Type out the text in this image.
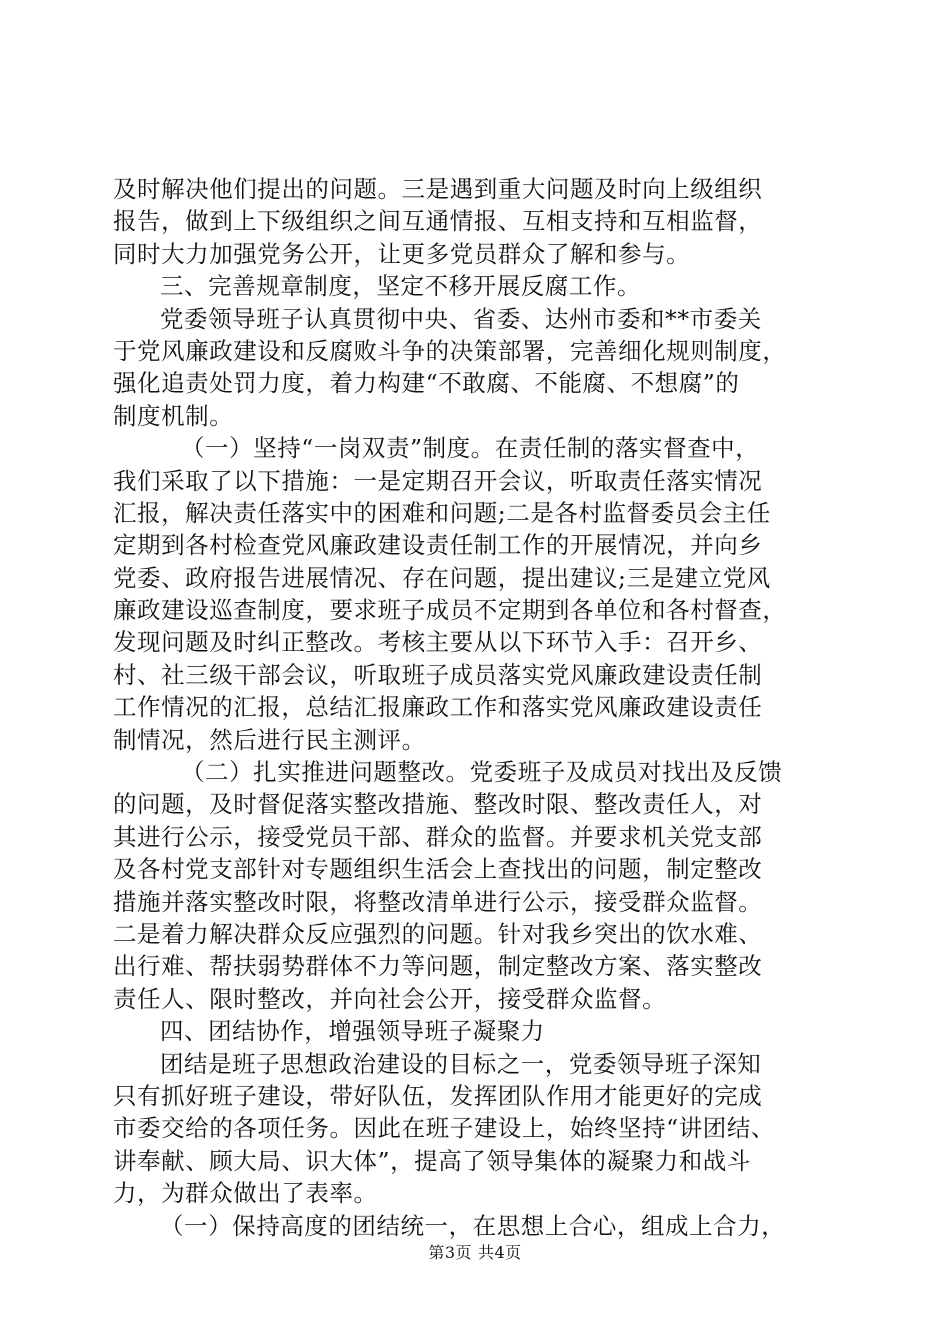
及时解决他们提出的问题。三是遇到重大问题及时向上级组织
报告，做到上下级组织之间互通情报、互相支持和互相监督，
同时大力加强党务公开，让更多党员群众了解和参与。
三、完善规章制度，坚定不移开展反腐工作。
党委领导班子认真贯彻中央、省委、达州市委和**市委关
于党风廉政建设和反腐败斗争的决策部署，完善细化规则制度，
强化追责处罚力度，着力构建“不敢腐、不能腐、不想腐”的
制度机制。
（一）坚持“一岗双责”制度。在责任制的落实督查中，
我们采取了以下措施：一是定期召开会议，听取责任落实情况
汇报，解决责任落实中的困难和问题;二是各村监督委员会主任
定期到各村检查党风廉政建设责任制工作的开展情况，并向乡
党委、政府报告进展情况、存在问题，提出建议;三是建立党风
廉政建设巡查制度，要求班子成员不定期到各单位和各村督查，
发现问题及时纠正整改。考核主要从以下环节入手：召开乡、
村、社三级干部会议，听取班子成员落实党风廉政建设责任制
工作情况的汇报，总结汇报廉政工作和落实党风廉政建设责任
制情况，然后进行民主测评。
（二）扎实推进问题整改。党委班子及成员对找出及反馈
的问题，及时督促落实整改措施、整改时限、整改责任人，对
其进行公示，接受党员干部、群众的监督。并要求机关党支部
及各村党支部针对专题组织生活会上查找出的问题，制定整改
措施并落实整改时限，将整改清单进行公示，接受群众监督。
二是着力解决群众反应强烈的问题。针对我乡突出的饮水难、
出行难、帮扶弱势群体不力等问题，制定整改方案、落实整改
责任人、限时整改，并向社会公开，接受群众监督。
四、团结协作，增强领导班子凝聚力
团结是班子思想政治建设的目标之一，党委领导班子深知
只有抓好班子建设，带好队伍，发挥团队作用才能更好的完成
市委交给的各项任务。因此在班子建设上，始终坚持“讲团结、
讲奉献、顾大局、识大体”，提高了领导集体的凝聚力和战斗
力，为群众做出了表率。
（一）保持高度的团结统一，在思想上合心，组成上合力，
第3页 共4页
